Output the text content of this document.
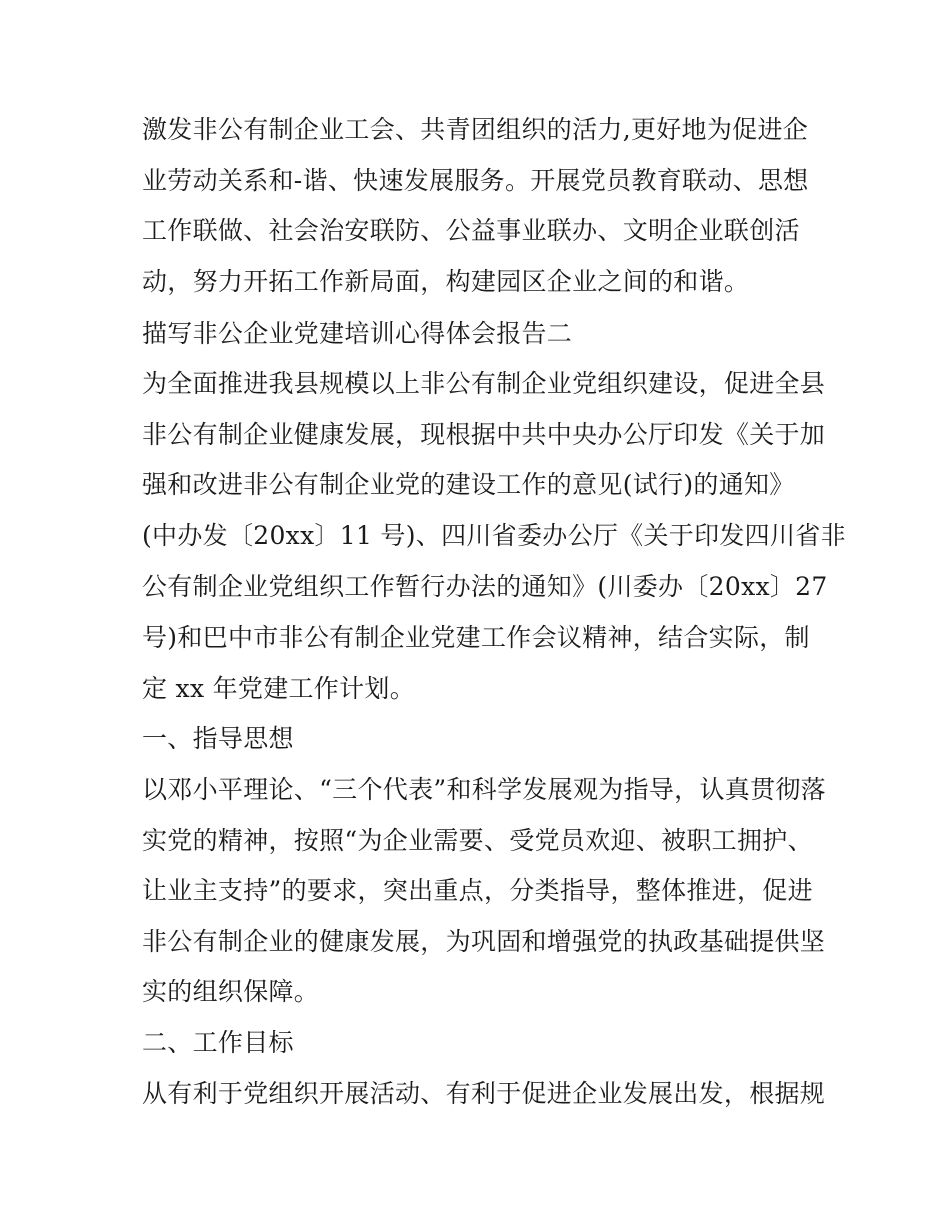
激发非公有制企业工会、共青团组织的活力,更好地为促进企
业劳动关系和-谐、快速发展服务。开展党员教育联动、思想
工作联做、社会治安联防、公益事业联办、文明企业联创活
动，努力开拓工作新局面，构建园区企业之间的和谐。
描写非公企业党建培训心得体会报告二
为全面推进我县规模以上非公有制企业党组织建设，促进全县
非公有制企业健康发展，现根据中共中央办公厅印发《关于加
强和改进非公有制企业党的建设工作的意见(试行)的通知》
(中办发〔20xx〕11 号)、四川省委办公厅《关于印发四川省非
公有制企业党组织工作暂行办法的通知》(川委办〔20xx〕27
号)和巴中市非公有制企业党建工作会议精神，结合实际，制
定 xx 年党建工作计划。
一、指导思想
以邓小平理论、“三个代表”和科学发展观为指导，认真贯彻落
实党的精神，按照“为企业需要、受党员欢迎、被职工拥护、
让业主支持”的要求，突出重点，分类指导，整体推进，促进
非公有制企业的健康发展，为巩固和增强党的执政基础提供坚
实的组织保障。
二、工作目标
从有利于党组织开展活动、有利于促进企业发展出发，根据规
